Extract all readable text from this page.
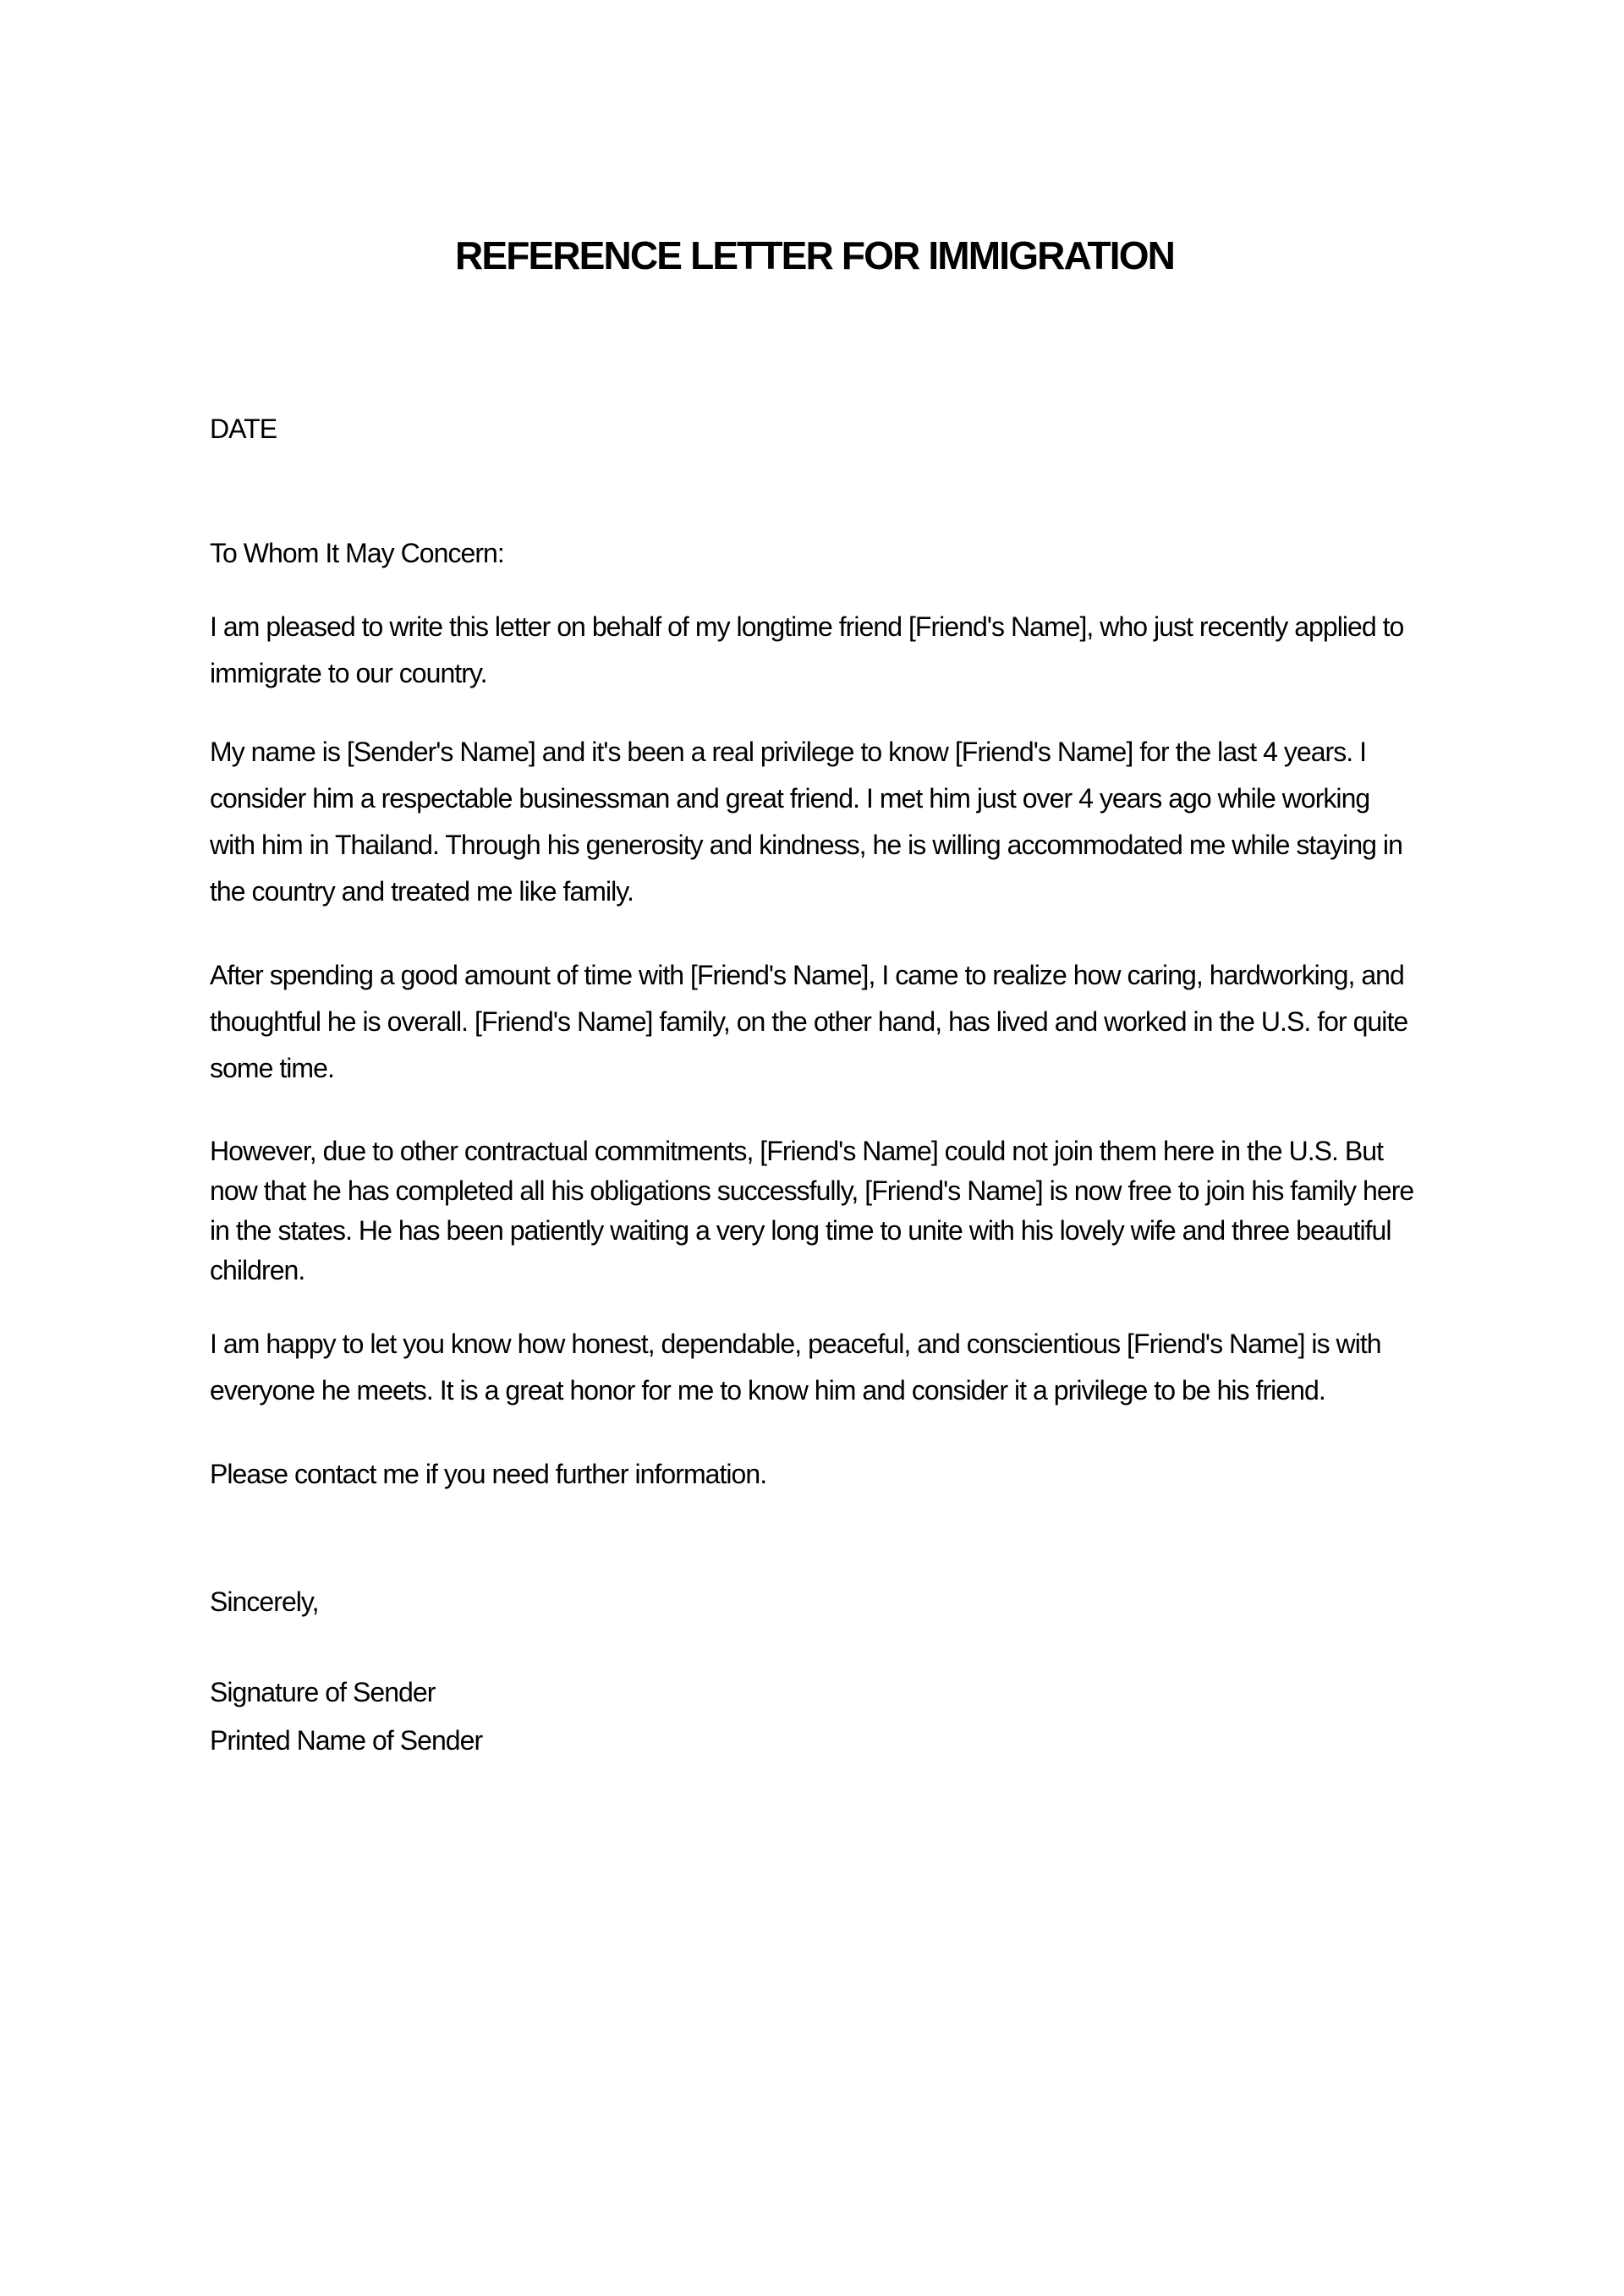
REFERENCE LETTER FOR IMMIGRATION

DATE

To Whom It May Concern:

I am pleased to write this letter on behalf of my longtime friend [Friend's Name], who just recently applied to immigrate to our country.

My name is [Sender's Name] and it's been a real privilege to know [Friend's Name] for the last 4 years. I consider him a respectable businessman and great friend. I met him just over 4 years ago while working with him in Thailand. Through his generosity and kindness, he is willing accommodated me while staying in the country and treated me like family.

After spending a good amount of time with [Friend's Name], I came to realize how caring, hardworking, and thoughtful he is overall. [Friend's Name] family, on the other hand, has lived and worked in the U.S. for quite some time.

However, due to other contractual commitments, [Friend's Name] could not join them here in the U.S. But now that he has completed all his obligations successfully, [Friend's Name] is now free to join his family here in the states. He has been patiently waiting a very long time to unite with his lovely wife and three beautiful children.

I am happy to let you know how honest, dependable, peaceful, and conscientious [Friend's Name] is with everyone he meets. It is a great honor for me to know him and consider it a privilege to be his friend.

Please contact me if you need further information.

Sincerely,

Signature of Sender

Printed Name of Sender
